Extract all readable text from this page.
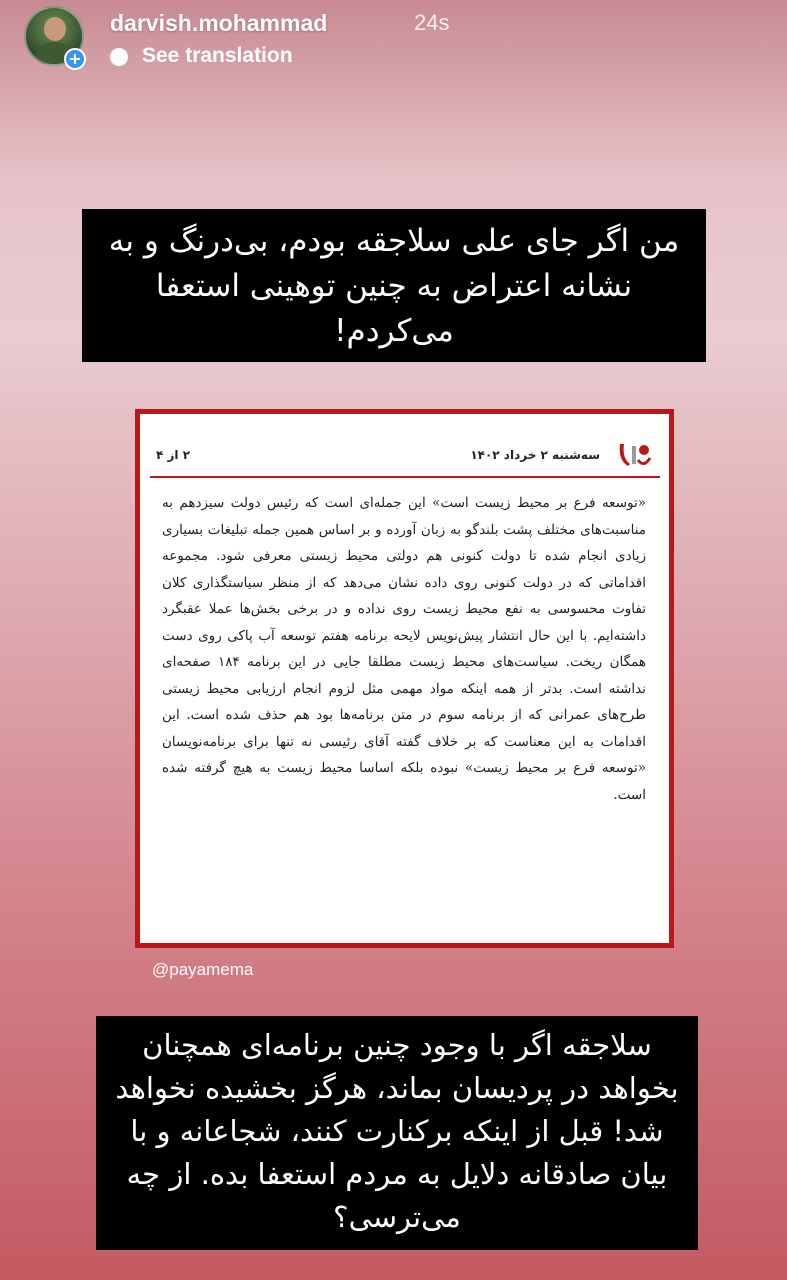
+
darvish.mohammad	24s
See translation
من اگر جای علی سلاجقه بودم، بی‌درنگ و به نشانه اعتراض به چنین توهینی استعفا می‌کردم!
سه‌شنبه ۲ خرداد ۱۴۰۲
۲ از ۴
«توسعه فرع بر محیط زیست است» این جمله‌ای است که رئیس دولت سیزدهم به مناسبت‌های مختلف پشت بلندگو به زبان آورده و بر اساس همین جمله تبلیغات بسیاری زیادی انجام شده تا دولت کنونی هم دولتی محیط زیستی معرفی شود. مجموعه اقداماتی که در دولت کنونی روی داده نشان می‌دهد که از منظر سیاستگذاری کلان تفاوت محسوسی به نفع محیط زیست روی نداده و در برخی بخش‌ها عملا عقبگرد داشته‌ایم. با این حال انتشار پیش‌نویس لایحه برنامه هفتم توسعه آب پاکی روی دست همگان ریخت. سیاست‌های محیط زیست مطلقا جایی در این برنامه ۱۸۴ صفحه‌ای نداشته است. بدتر از همه اینکه مواد مهمی مثل لزوم انجام ارزیابی محیط زیستی طرح‌های عمرانی که از برنامه سوم در متن برنامه‌ها بود هم حذف شده است. این اقدامات به این معناست که بر خلاف گفته آقای رئیسی نه تنها برای برنامه‌نویسان «توسعه فرع بر محیط زیست» نبوده بلکه اساسا محیط زیست به هیچ گرفته شده است.
@payamema
سلاجقه اگر با وجود چنین برنامه‌ای همچنان بخواهد در پردیسان بماند، هرگز بخشیده نخواهد شد! قبل از اینکه برکنارت کنند، شجاعانه و با بیان صادقانه دلایل به مردم استعفا بده. از چه می‌ترسی؟
